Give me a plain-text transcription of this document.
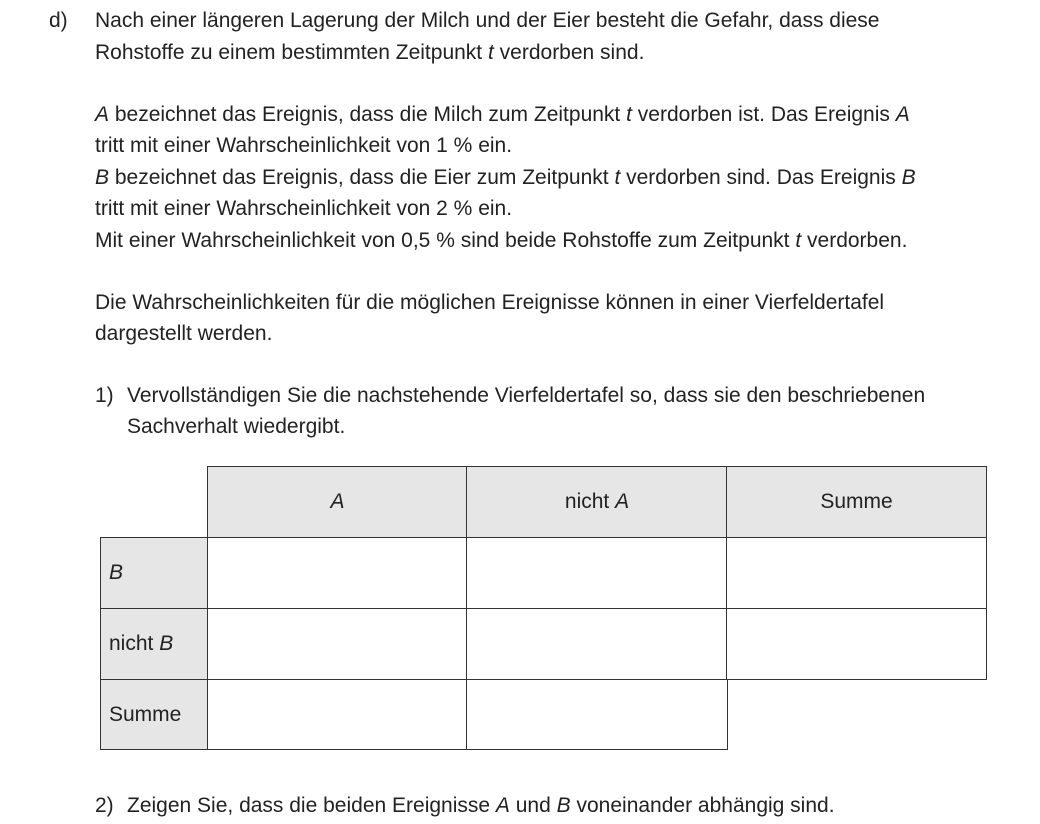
d) Nach einer längeren Lagerung der Milch und der Eier besteht die Gefahr, dass diese

Rohstoffe zu einem bestimmten Zeitpunkt t verdorben sind.

A bezeichnet das Ereignis, dass die Milch zum Zeitpunkt t verdorben ist. Das Ereignis A

tritt mit einer Wahrscheinlichkeit von 1 % ein.

B bezeichnet das Ereignis, dass die Eier zum Zeitpunkt t verdorben sind. Das Ereignis B

tritt mit einer Wahrscheinlichkeit von 2 % ein.

Mit einer Wahrscheinlichkeit von 0,5 % sind beide Rohstoffe zum Zeitpunkt t verdorben.

Die Wahrscheinlichkeiten für die möglichen Ereignisse können in einer Vierfeldertafel

dargestellt werden.

1) Vervollständigen Sie die nachstehende Vierfeldertafel so, dass sie den beschriebenen
Sachverhalt wiedergibt.
A	nicht A	Summe
B
nicht B
Summe
2) Zeigen Sie, dass die beiden Ereignisse A und B voneinander abhängig sind.
